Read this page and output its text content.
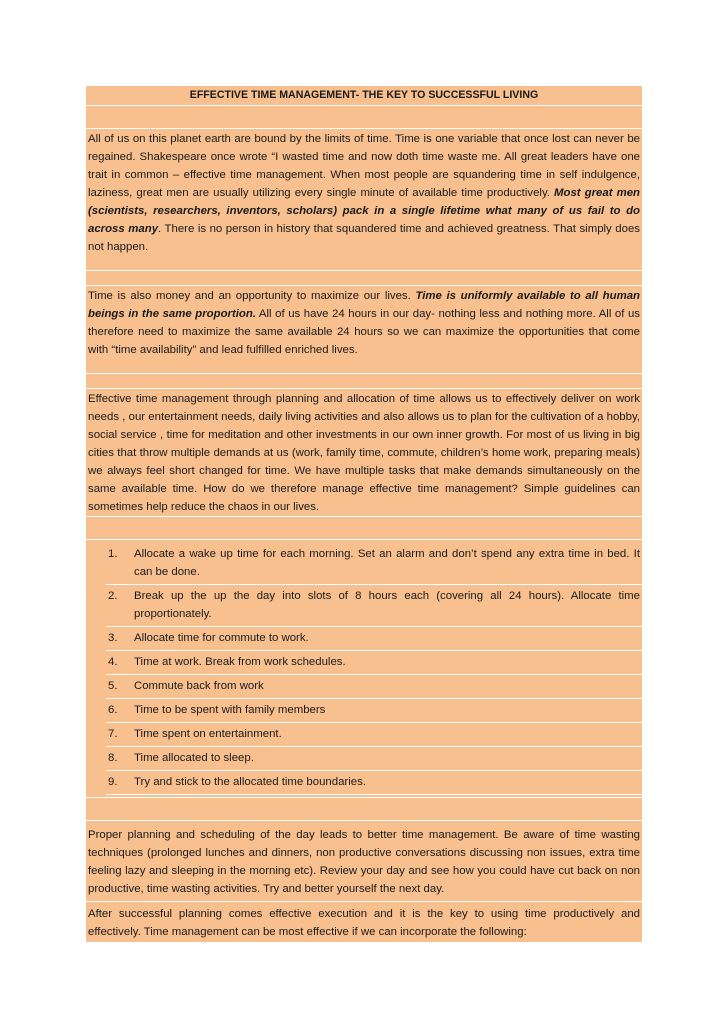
EFFECTIVE TIME MANAGEMENT- THE KEY TO SUCCESSFUL LIVING
All of us on this planet earth are bound by the limits of time. Time is one variable that once lost can never be regained. Shakespeare once wrote “I wasted time and now doth time waste me. All great leaders have one trait in common – effective time management. When most people are squandering time in self indulgence, laziness, great men are usually utilizing every single minute of available time productively. Most great men (scientists, researchers, inventors, scholars) pack in a single lifetime what many of us fail to do across many. There is no person in history that squandered time and achieved greatness. That simply does not happen.
Time is also money and an opportunity to maximize our lives. Time is uniformly available to all human beings in the same proportion. All of us have 24 hours in our day- nothing less and nothing more. All of us therefore need to maximize the same available 24 hours so we can maximize the opportunities that come with “time availability” and lead fulfilled enriched lives.
Effective time management through planning and allocation of time allows us to effectively deliver on work needs , our entertainment needs, daily living activities and also allows us to plan for the cultivation of a hobby, social service , time for meditation and other investments in our own inner growth. For most of us living in big cities that throw multiple demands at us (work, family time, commute, children’s home work, preparing meals) we always feel short changed for time. We have multiple tasks that make demands simultaneously on the same available time. How do we therefore manage effective time management? Simple guidelines can sometimes help reduce the chaos in our lives.
1.	Allocate a wake up time for each morning. Set an alarm and don’t spend any extra time in bed. It can be done.
2.	Break up the up the day into slots of 8 hours each (covering all 24 hours). Allocate time proportionately.
3.	Allocate time for commute to work.
4.	Time at work. Break from work schedules.
5.	Commute back from work
6.	Time to be spent with family members
7.	Time spent on entertainment.
8.	Time allocated to sleep.
9.	Try and stick to the allocated time boundaries.
Proper planning and scheduling of the day leads to better time management. Be aware of time wasting techniques (prolonged lunches and dinners, non productive conversations discussing non issues, extra time feeling lazy and sleeping in the morning etc). Review your day and see how you could have cut back on non productive, time wasting activities. Try and better yourself the next day.
After successful planning comes effective execution and it is the key to using time productively and effectively. Time management can be most effective if we can incorporate the following:
